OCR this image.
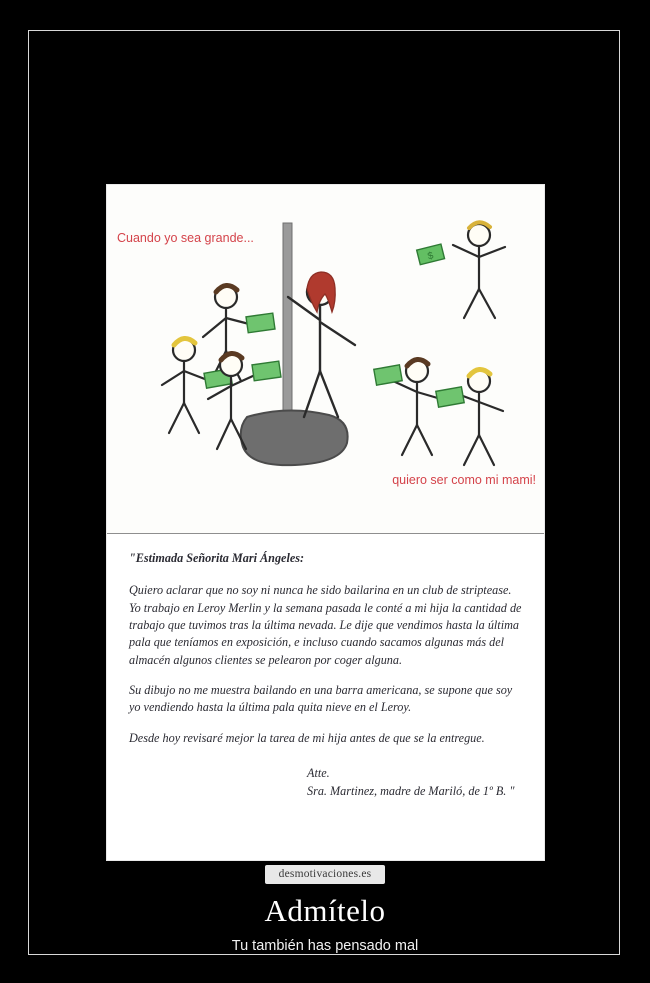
$
Cuando yo sea grande...
quiero ser como mi mami!

"Estimada Señorita Mari Ángeles:

Quiero aclarar que no soy ni nunca he sido bailarina en un club de striptease. Yo trabajo en Leroy Merlin y la semana pasada le conté a mi hija la cantidad de trabajo que tuvimos tras la última nevada. Le dije que vendimos hasta la última pala que teníamos en exposición, e incluso cuando sacamos algunas más del almacén algunos clientes se pelearon por coger alguna.

Su dibujo no me muestra bailando en una barra americana, se supone que soy yo vendiendo hasta la última pala quita nieve en el Leroy.

Desde hoy revisaré mejor la tarea de mi hija antes de que se la entregue.

Atte.
Sra. Martinez, madre de Mariló, de 1º B. "
desmotivaciones.es
Admítelo
Tu también has pensado mal
